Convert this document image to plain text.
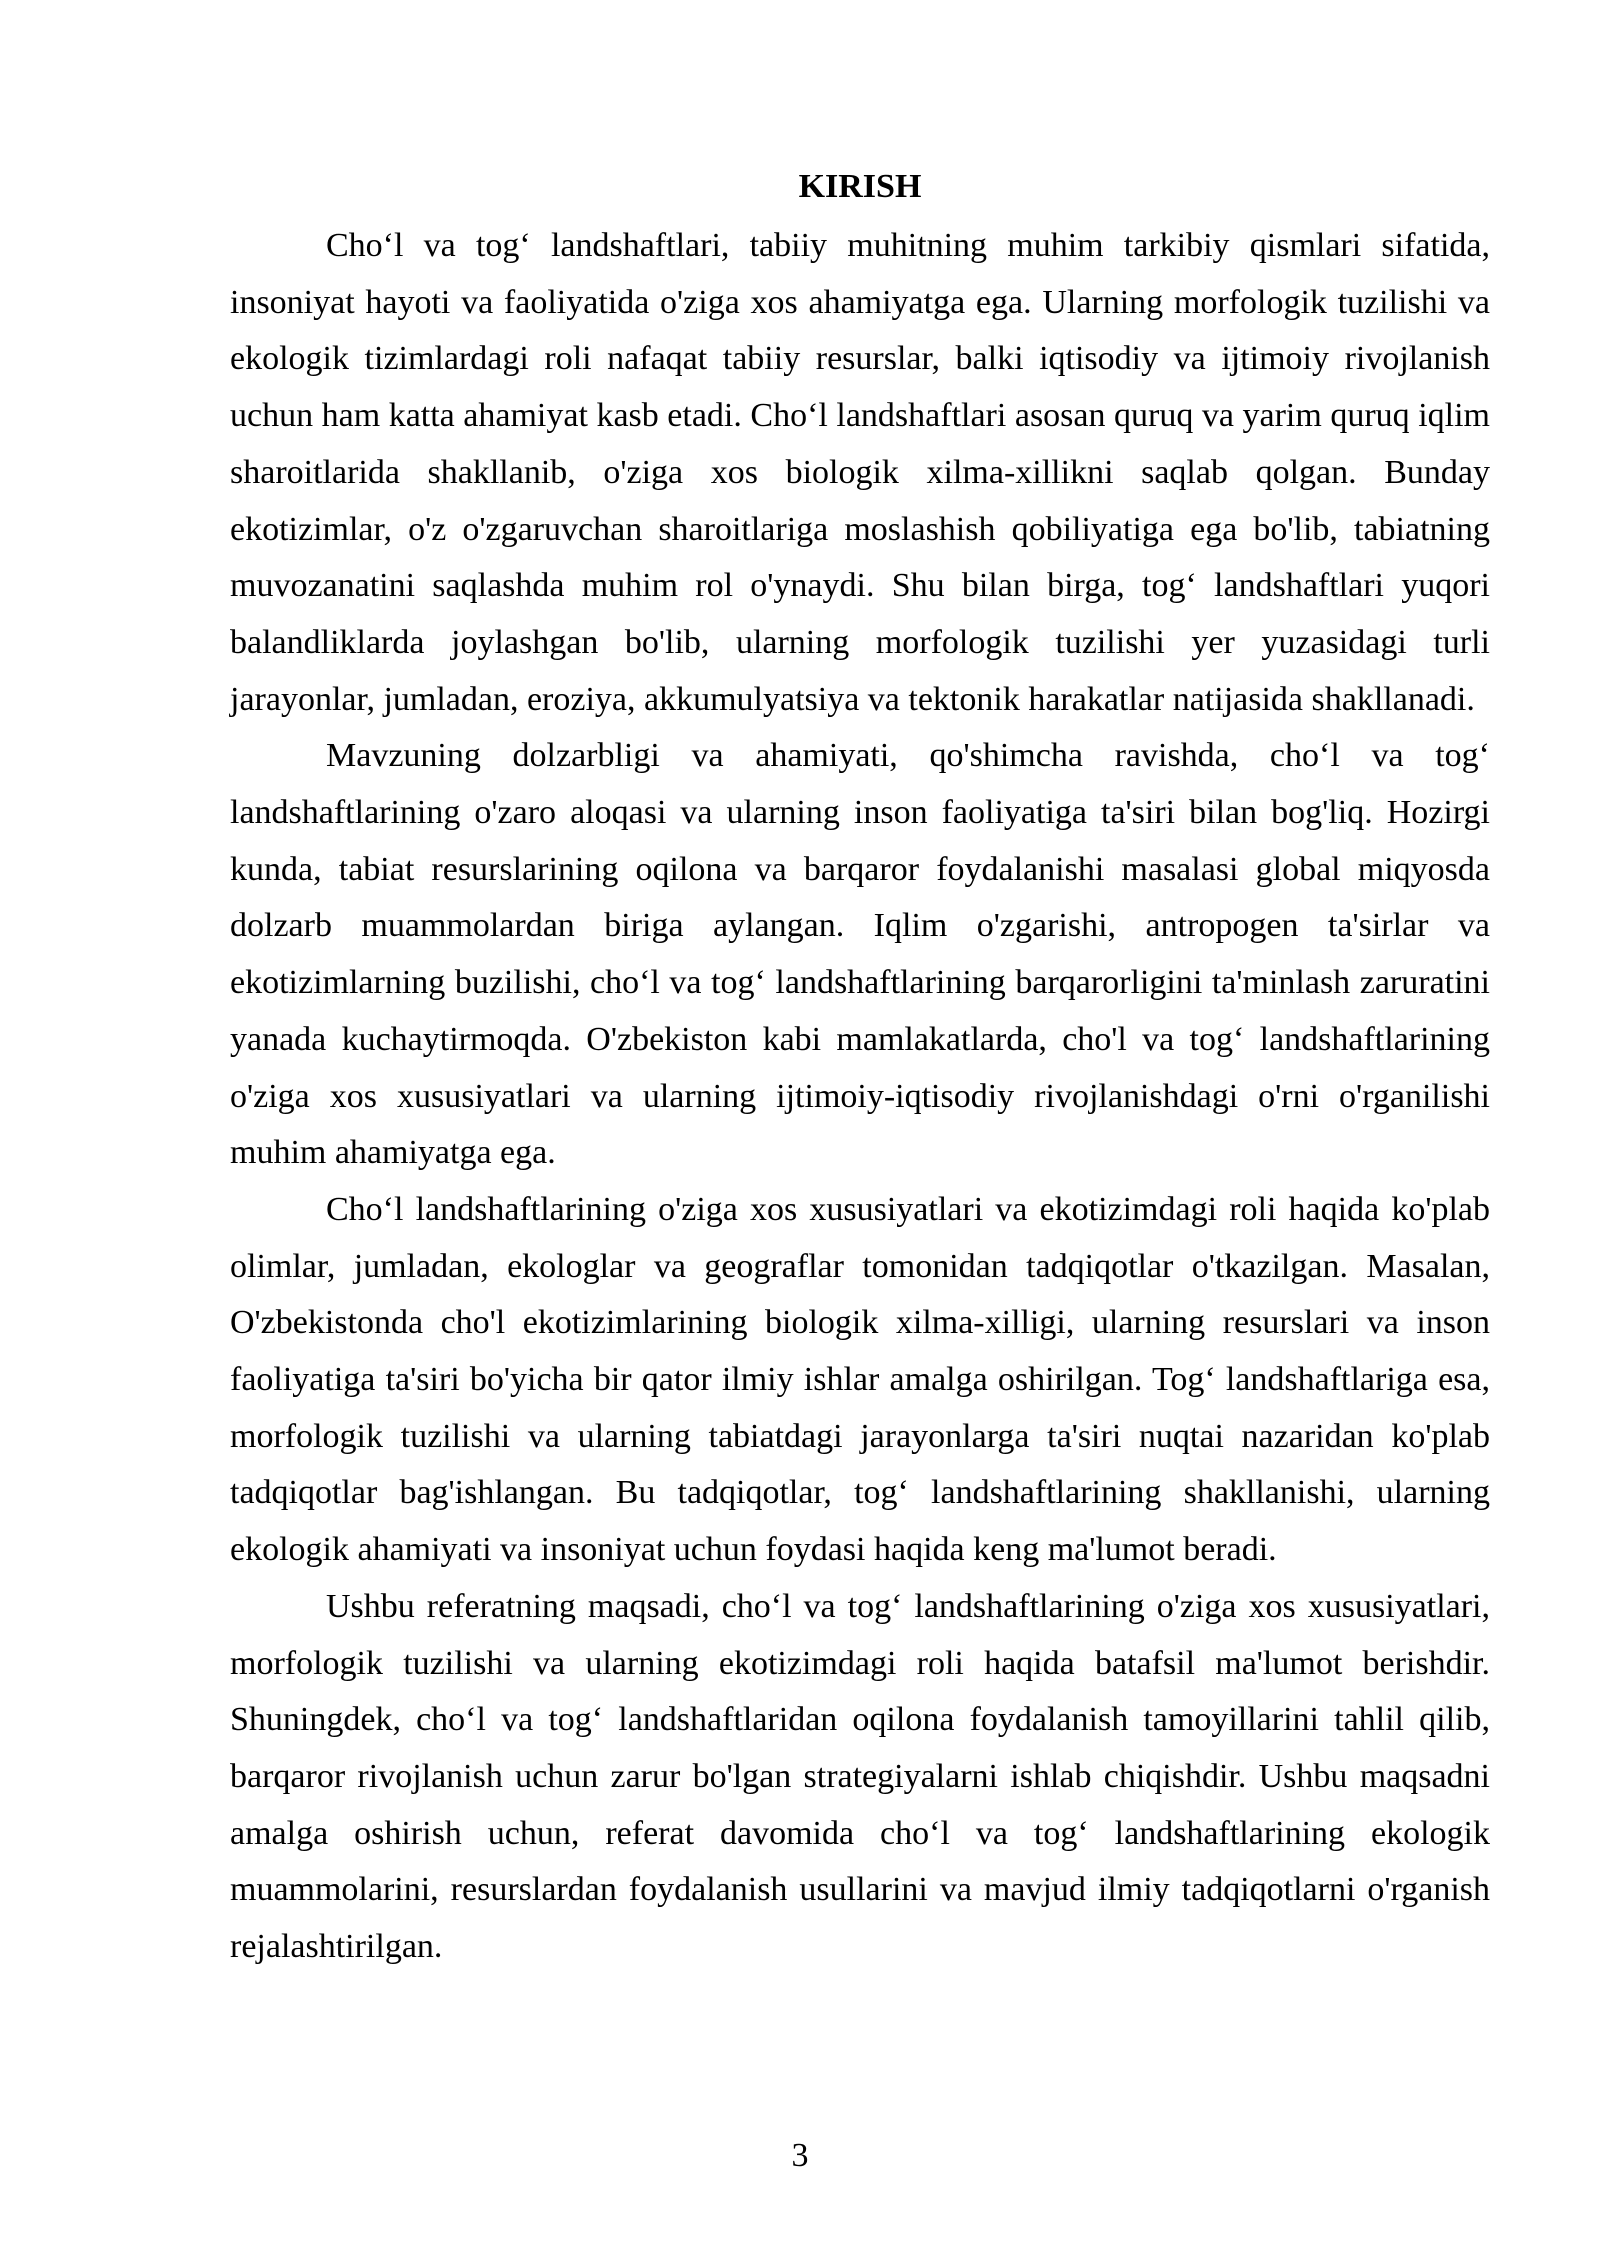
KIRISH

Cho‘l va tog‘ landshaftlari, tabiiy muhitning muhim tarkibiy qismlari sifatida, insoniyat hayoti va faoliyatida o'ziga xos ahamiyatga ega. Ularning morfologik tuzilishi va ekologik tizimlardagi roli nafaqat tabiiy resurslar, balki iqtisodiy va ijtimoiy rivojlanish uchun ham katta ahamiyat kasb etadi. Cho‘l landshaftlari asosan quruq va yarim quruq iqlim sharoitlarida shakllanib, o'ziga xos biologik xilma-xillikni saqlab qolgan. Bunday ekotizimlar, o'z o'zgaruvchan sharoitlariga moslashish qobiliyatiga ega bo'lib, tabiatning muvozanatini saqlashda muhim rol o'ynaydi. Shu bilan birga, tog‘ landshaftlari yuqori balandliklarda joylashgan bo'lib, ularning morfologik tuzilishi yer yuzasidagi turli jarayonlar, jumladan, eroziya, akkumulyatsiya va tektonik harakatlar natijasida shakllanadi.

Mavzuning dolzarbligi va ahamiyati, qo'shimcha ravishda, cho‘l va tog‘ landshaftlarining o'zaro aloqasi va ularning inson faoliyatiga ta'siri bilan bog'liq. Hozirgi kunda, tabiat resurslarining oqilona va barqaror foydalanishi masalasi global miqyosda dolzarb muammolardan biriga aylangan. Iqlim o'zgarishi, antropogen ta'sirlar va ekotizimlarning buzilishi, cho‘l va tog‘ landshaftlarining barqarorligini ta'minlash zaruratini yanada kuchaytirmoqda. O'zbekiston kabi mamlakatlarda, cho'l va tog‘ landshaftlarining o'ziga xos xususiyatlari va ularning ijtimoiy-iqtisodiy rivojlanishdagi o'rni o'rganilishi muhim ahamiyatga ega.

Cho‘l landshaftlarining o'ziga xos xususiyatlari va ekotizimdagi roli haqida ko'plab olimlar, jumladan, ekologlar va geograflar tomonidan tadqiqotlar o'tkazilgan. Masalan, O'zbekistonda cho'l ekotizimlarining biologik xilma-xilligi, ularning resurslari va inson faoliyatiga ta'siri bo'yicha bir qator ilmiy ishlar amalga oshirilgan. Tog‘ landshaftlariga esa, morfologik tuzilishi va ularning tabiatdagi jarayonlarga ta'siri nuqtai nazaridan ko'plab tadqiqotlar bag'ishlangan. Bu tadqiqotlar, tog‘ landshaftlarining shakllanishi, ularning ekologik ahamiyati va insoniyat uchun foydasi haqida keng ma'lumot beradi.

Ushbu referatning maqsadi, cho‘l va tog‘ landshaftlarining o'ziga xos xususiyatlari, morfologik tuzilishi va ularning ekotizimdagi roli haqida batafsil ma'lumot berishdir. Shuningdek, cho‘l va tog‘ landshaftlaridan oqilona foydalanish tamoyillarini tahlil qilib, barqaror rivojlanish uchun zarur bo'lgan strategiyalarni ishlab chiqishdir. Ushbu maqsadni amalga oshirish uchun, referat davomida cho‘l va tog‘ landshaftlarining ekologik muammolarini, resurslardan foydalanish usullarini va mavjud ilmiy tadqiqotlarni o'rganish rejalashtirilgan.

3
